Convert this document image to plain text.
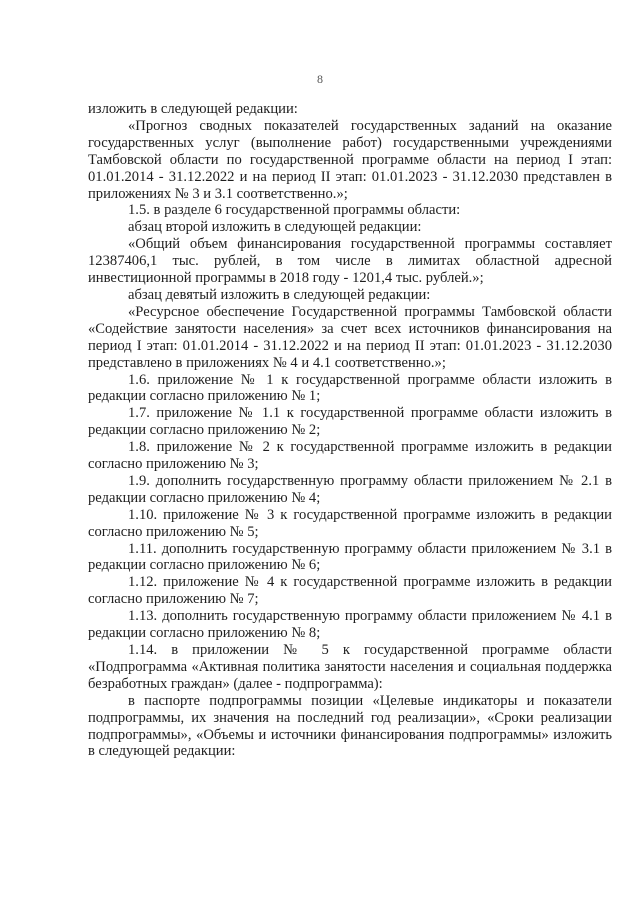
8

изложить в следующей редакции:

«Прогноз сводных показателей государственных заданий на оказание государственных услуг (выполнение работ) государственными учреждениями Тамбовской области по государственной программе области на период I этап: 01.01.2014 - 31.12.2022 и на период II этап: 01.01.2023 - 31.12.2030 представлен в приложениях № 3 и 3.1 соответственно.»;

1.5. в разделе 6 государственной программы области:

абзац второй изложить в следующей редакции:

«Общий объем финансирования государственной программы составляет 12387406,1 тыс. рублей, в том числе в лимитах областной адресной инвестиционной программы в 2018 году - 1201,4 тыс. рублей.»;

абзац девятый изложить в следующей редакции:

«Ресурсное обеспечение Государственной программы Тамбовской области «Содействие занятости населения» за счет всех источников финансирования на период I этап: 01.01.2014 - 31.12.2022 и на период II этап: 01.01.2023 - 31.12.2030 представлено в приложениях № 4 и 4.1 соответственно.»;

1.6. приложение № 1 к государственной программе области изложить в редакции согласно приложению № 1;

1.7. приложение № 1.1 к государственной программе области изложить в редакции согласно приложению № 2;

1.8. приложение № 2 к государственной программе изложить в редакции согласно приложению № 3;

1.9. дополнить государственную программу области приложением № 2.1 в редакции согласно приложению № 4;

1.10. приложение № 3 к государственной программе изложить в редакции согласно приложению № 5;

1.11. дополнить государственную программу области приложением № 3.1 в редакции согласно приложению № 6;

1.12. приложение № 4 к государственной программе изложить в редакции согласно приложению № 7;

1.13. дополнить государственную программу области приложением № 4.1 в редакции согласно приложению № 8;

1.14. в приложении № 5 к государственной программе области «Подпрограмма «Активная политика занятости населения и социальная поддержка безработных граждан» (далее - подпрограмма):

в паспорте подпрограммы позиции «Целевые индикаторы и показатели подпрограммы, их значения на последний год реализации», «Сроки реализации подпрограммы», «Объемы и источники финансирования подпрограммы» изложить в следующей редакции:
